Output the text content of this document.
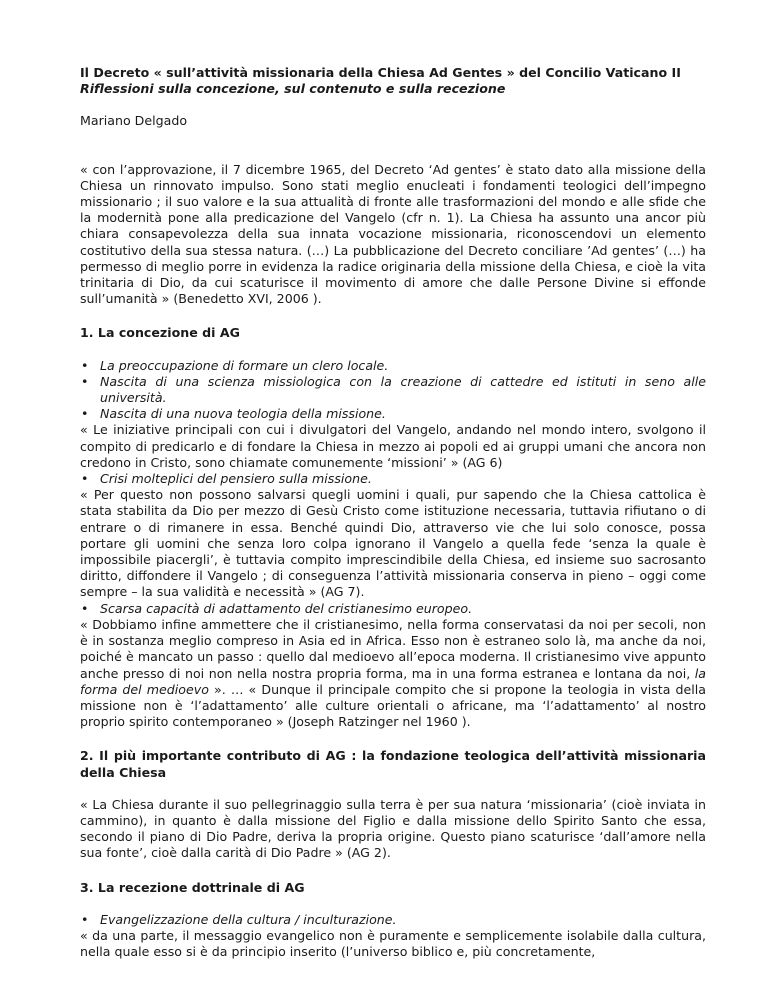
Il Decreto « sull’attività missionaria della Chiesa Ad Gentes » del Concilio Vaticano II

Riflessioni sulla concezione, sul contenuto e sulla recezione

Mariano Delgado

« con l’approvazione, il 7 dicembre 1965, del Decreto ‘Ad gentes’ è stato dato alla missione della Chiesa un rinnovato impulso. Sono stati meglio enucleati i fondamenti teologici dell’impegno missionario ; il suo valore e la sua attualità di fronte alle trasformazioni del mondo e alle sfide che la modernità pone alla predicazione del Vangelo (cfr n. 1). La Chiesa ha assunto una ancor più chiara consapevolezza della sua innata vocazione missionaria, riconoscendovi un elemento costitutivo della sua stessa natura. (…) La pubblicazione del Decreto conciliare ’Ad gentes’ (…) ha permesso di meglio porre in evidenza la radice originaria della missione della Chiesa, e cioè la vita trinitaria di Dio, da cui scaturisce il movimento di amore che dalle Persone Divine si effonde sull’umanità » (Benedetto XVI, 2006 ).

1. La concezione di AG
• La preoccupazione di formare un clero locale.
• Nascita di una scienza missiologica con la creazione di cattedre ed istituti in seno alle università.
• Nascita di una nuova teologia della missione.

« Le iniziative principali con cui i divulgatori del Vangelo, andando nel mondo intero, svolgono il compito di predicarlo e di fondare la Chiesa in mezzo ai popoli ed ai gruppi umani che ancora non credono in Cristo, sono chiamate comunemente ‘missioni’ » (AG 6)

• Crisi molteplici del pensiero sulla missione.

« Per questo non possono salvarsi quegli uomini i quali, pur sapendo che la Chiesa cattolica è stata stabilita da Dio per mezzo di Gesù Cristo come istituzione necessaria, tuttavia rifiutano o di entrare o di rimanere in essa. Benché quindi Dio, attraverso vie che lui solo conosce, possa portare gli uomini che senza loro colpa ignorano il Vangelo a quella fede ‘senza la quale è impossibile piacergli’, è tuttavia compito imprescindibile della Chiesa, ed insieme suo sacrosanto diritto, diffondere il Vangelo ; di conseguenza l’attività missionaria conserva in pieno – oggi come sempre – la sua validità e necessità » (AG 7).

• Scarsa capacità di adattamento del cristianesimo europeo.

« Dobbiamo infine ammettere che il cristianesimo, nella forma conservatasi da noi per secoli, non è in sostanza meglio compreso in Asia ed in Africa. Esso non è estraneo solo là, ma anche da noi, poiché è mancato un passo : quello dal medioevo all’epoca moderna. Il cristianesimo vive appunto anche presso di noi non nella nostra propria forma, ma in una forma estranea e lontana da noi, la forma del medioevo ». … « Dunque il principale compito che si propone la teologia in vista della missione non è ‘l’adattamento’ alle culture orientali o africane, ma ‘l’adattamento’ al nostro proprio spirito contemporaneo » (Joseph Ratzinger nel 1960 ).

2. Il più importante contributo di AG : la fondazione teologica dell’attività missionaria della Chiesa

« La Chiesa durante il suo pellegrinaggio sulla terra è per sua natura ‘missionaria’ (cioè inviata in cammino), in quanto è dalla missione del Figlio e dalla missione dello Spirito Santo che essa, secondo il piano di Dio Padre, deriva la propria origine. Questo piano scaturisce ‘dall’amore nella sua fonte’, cioè dalla carità di Dio Padre » (AG 2).

3. La recezione dottrinale di AG
• Evangelizzazione della cultura / inculturazione.

« da una parte, il messaggio evangelico non è puramente e semplicemente isolabile dalla cultura, nella quale esso si è da principio inserito (l’universo biblico e, più concretamente,
